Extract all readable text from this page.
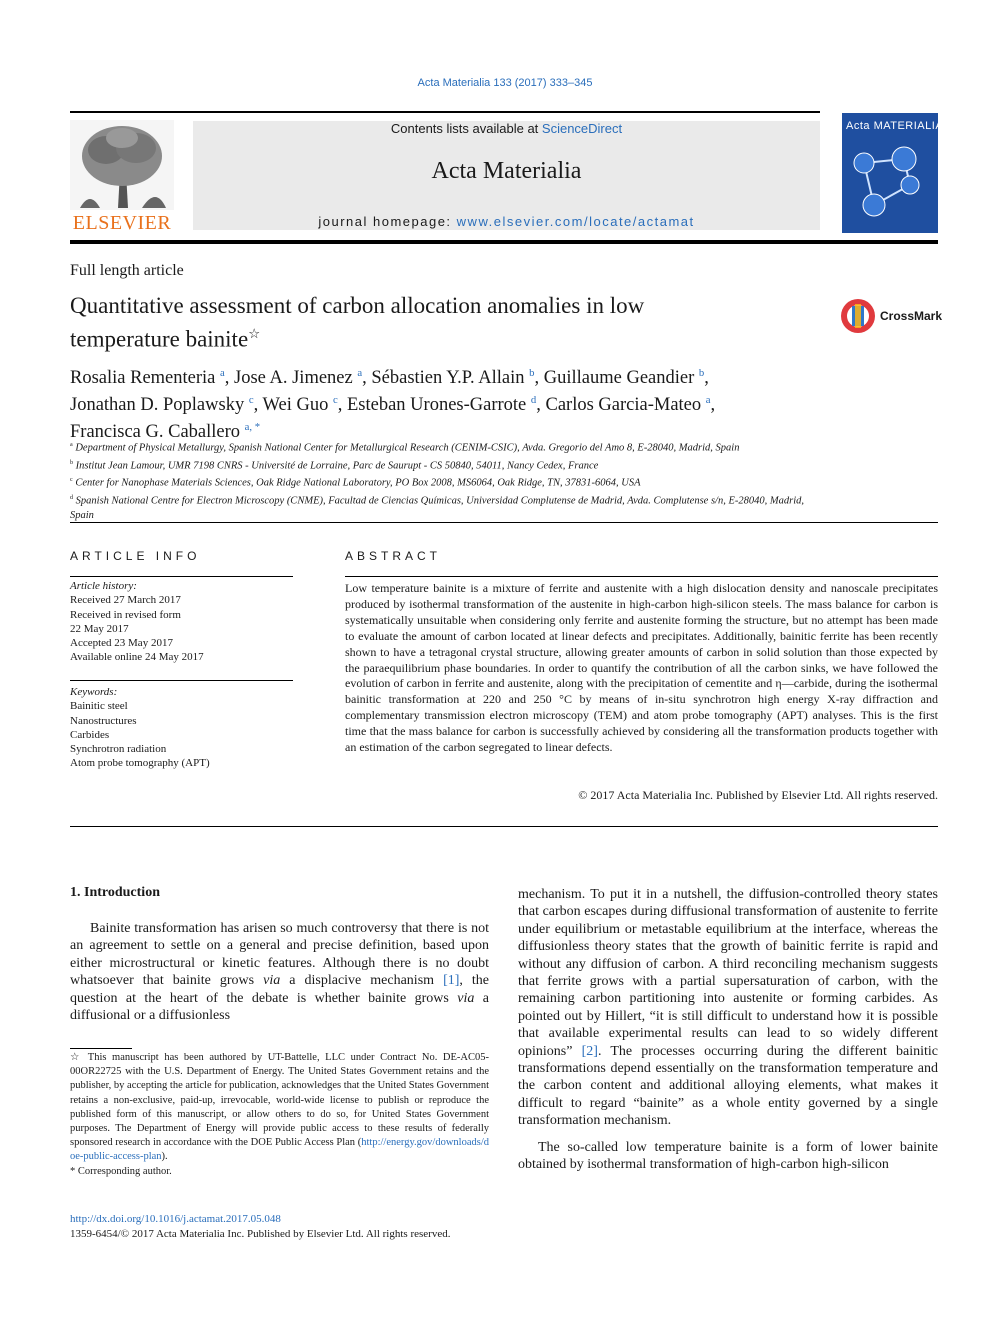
Acta Materialia 133 (2017) 333–345
ELSEVIER
Contents lists available at ScienceDirect
Acta Materialia
journal homepage: www.elsevier.com/locate/actamat
Acta MATERIALIA
Full length article
Quantitative assessment of carbon allocation anomalies in low
temperature bainite☆
CrossMark
Rosalia Rementeria $^a$, Jose A. Jimenez $^a$, Sébastien Y.P. Allain $^b$, Guillaume Geandier $^b$,
Jonathan D. Poplawsky $^c$, Wei Guo $^c$, Esteban Urones-Garrote $^d$, Carlos Garcia-Mateo $^a$,
Francisca G. Caballero $^{a, *}$
$^a$ Department of Physical Metallurgy, Spanish National Center for Metallurgical Research (CENIM-CSIC), Avda. Gregorio del Amo 8, E-28040, Madrid, Spain
$^b$ Institut Jean Lamour, UMR 7198 CNRS - Université de Lorraine, Parc de Saurupt - CS 50840, 54011, Nancy Cedex, France
$^c$ Center for Nanophase Materials Sciences, Oak Ridge National Laboratory, PO Box 2008, MS6064, Oak Ridge, TN, 37831-6064, USA
$^d$ Spanish National Centre for Electron Microscopy (CNME), Facultad de Ciencias Químicas, Universidad Complutense de Madrid, Avda. Complutense s/n, E-28040, Madrid, Spain
ARTICLE INFO
Article history:
Received 27 March 2017
Received in revised form
22 May 2017
Accepted 23 May 2017
Available online 24 May 2017
Keywords:
Bainitic steel
Nanostructures
Carbides
Synchrotron radiation
Atom probe tomography (APT)
ABSTRACT
Low temperature bainite is a mixture of ferrite and austenite with a high dislocation density and nanoscale precipitates produced by isothermal transformation of the austenite in high-carbon high-silicon steels. The mass balance for carbon is systematically unsuitable when considering only ferrite and austenite forming the structure, but no attempt has been made to evaluate the amount of carbon located at linear defects and precipitates. Additionally, bainitic ferrite has been recently shown to have a tetragonal crystal structure, allowing greater amounts of carbon in solid solution than those expected by the paraequilibrium phase boundaries. In order to quantify the contribution of all the carbon sinks, we have followed the evolution of carbon in ferrite and austenite, along with the precipitation of cementite and η—carbide, during the isothermal bainitic transformation at 220 and 250 °C by means of in-situ synchrotron high energy X-ray diffraction and complementary transmission electron microscopy (TEM) and atom probe tomography (APT) analyses. This is the first time that the mass balance for carbon is successfully achieved by considering all the transformation products together with an estimation of the carbon segregated to linear defects.
© 2017 Acta Materialia Inc. Published by Elsevier Ltd. All rights reserved.
1. Introduction

Bainite transformation has arisen so much controversy that there is not an agreement to settle on a general and precise definition, based upon either microstructural or kinetic features. Although there is no doubt whatsoever that bainite grows via a displacive mechanism [1], the question at the heart of the debate is whether bainite grows via a diffusional or a diffusionless

mechanism. To put it in a nutshell, the diffusion-controlled theory states that carbon escapes during diffusional transformation of austenite to ferrite under equilibrium or metastable equilibrium at the interface, whereas the diffusionless theory states that the growth of bainitic ferrite is rapid and without any diffusion of carbon. A third reconciling mechanism suggests that ferrite grows with a partial supersaturation of carbon, with the remaining carbon partitioning into austenite or forming carbides. As pointed out by Hillert, “it is still difficult to understand how it is possible that available experimental results can lead to so widely different opinions” [2]. The processes occurring during the different bainitic transformations depend essentially on the transformation temperature and the carbon content and additional alloying elements, what makes it difficult to regard “bainite” as a whole entity governed by a single transformation mechanism.

The so-called low temperature bainite is a form of lower bainite obtained by isothermal transformation of high-carbon high-silicon

☆ This manuscript has been authored by UT-Battelle, LLC under Contract No. DE-AC05-00OR22725 with the U.S. Department of Energy. The United States Government retains and the publisher, by accepting the article for publication, acknowledges that the United States Government retains a non-exclusive, paid-up, irrevocable, world-wide license to publish or reproduce the published form of this manuscript, or allow others to do so, for United States Government purposes. The Department of Energy will provide public access to these results of federally sponsored research in accordance with the DOE Public Access Plan (http://energy.gov/downloads/doe-public-access-plan).
* Corresponding author.
http://dx.doi.org/10.1016/j.actamat.2017.05.048
1359-6454/© 2017 Acta Materialia Inc. Published by Elsevier Ltd. All rights reserved.
